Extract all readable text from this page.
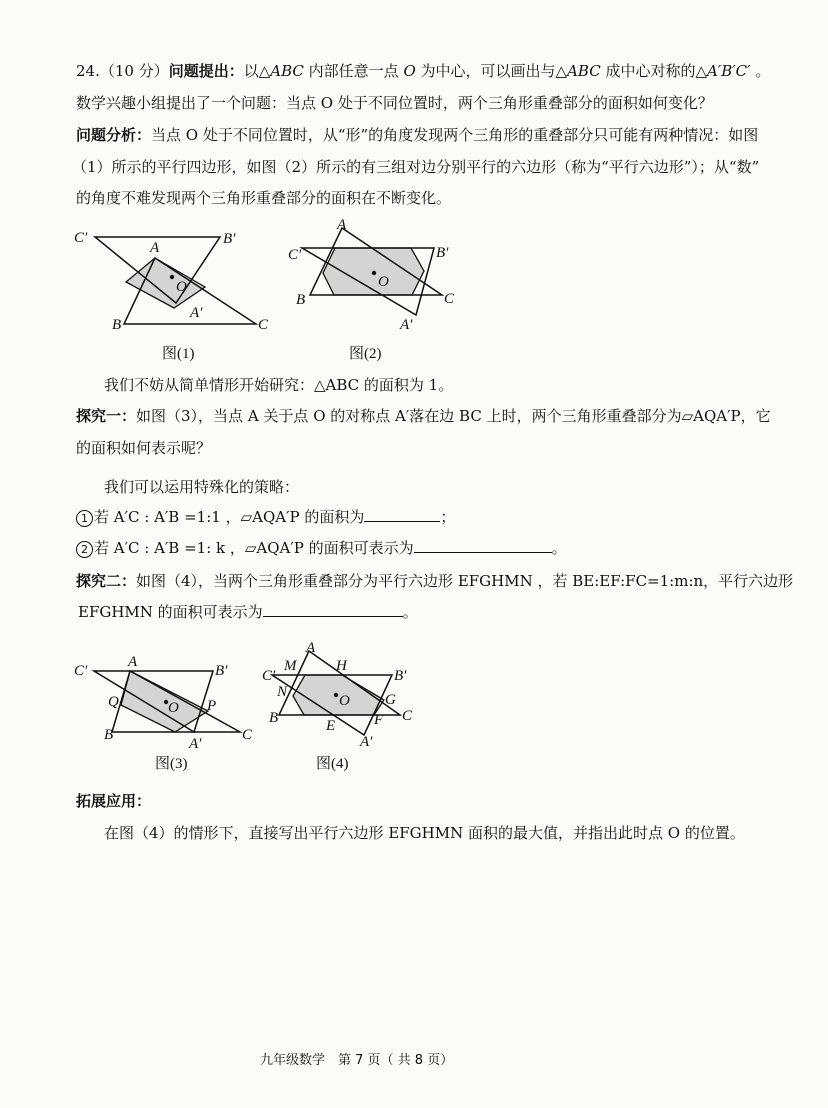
24.（10 分）问题提出：以△ABC 内部任意一点 O 为中心，可以画出与△ABC 成中心对称的△A′B′C′ 。
数学兴趣小组提出了一个问题：当点 O 处于不同位置时，两个三角形重叠部分的面积如何变化？
问题分析：当点 O 处于不同位置时，从“形”的角度发现两个三角形的重叠部分只可能有两种情况：如图
（1）所示的平行四边形，如图（2）所示的有三组对边分别平行的六边形（称为“平行六边形”）；从“数”
的角度不难发现两个三角形重叠部分的面积在不断变化。
C′	B′
A
O
A′
B	C
图(1)
A
C′	B′
O
B	C
A′
图(2)
我们不妨从简单情形开始研究：△ABC 的面积为 1。
探究一：如图（3），当点 A 关于点 O 的对称点 A′落在边 BC 上时，两个三角形重叠部分为▱AQA′P，它
的面积如何表示呢？
我们可以运用特殊化的策略：
1 若 A′C : A′B =1:1 ，▱AQA′P 的面积为	；
2 若 A′C : A′B =1: k ，▱AQA′P 的面积可表示为	。
探究二：如图（4），当两个三角形重叠部分为平行六边形 EFGHMN ，若 BE:EF:FC=1:m:n，平行六边形
EFGHMN 的面积可表示为	。
C′
A
B′
Q	O P
B	C
A′
图(3)
A
M	H
B′
C′
N
O G
B	E	F C
A′
图(4)
拓展应用：
在图（4）的情形下，直接写出平行六边形 EFGHMN 面积的最大值，并指出此时点 O 的位置。
九年级数学　第 7 页（ 共 8 页）
